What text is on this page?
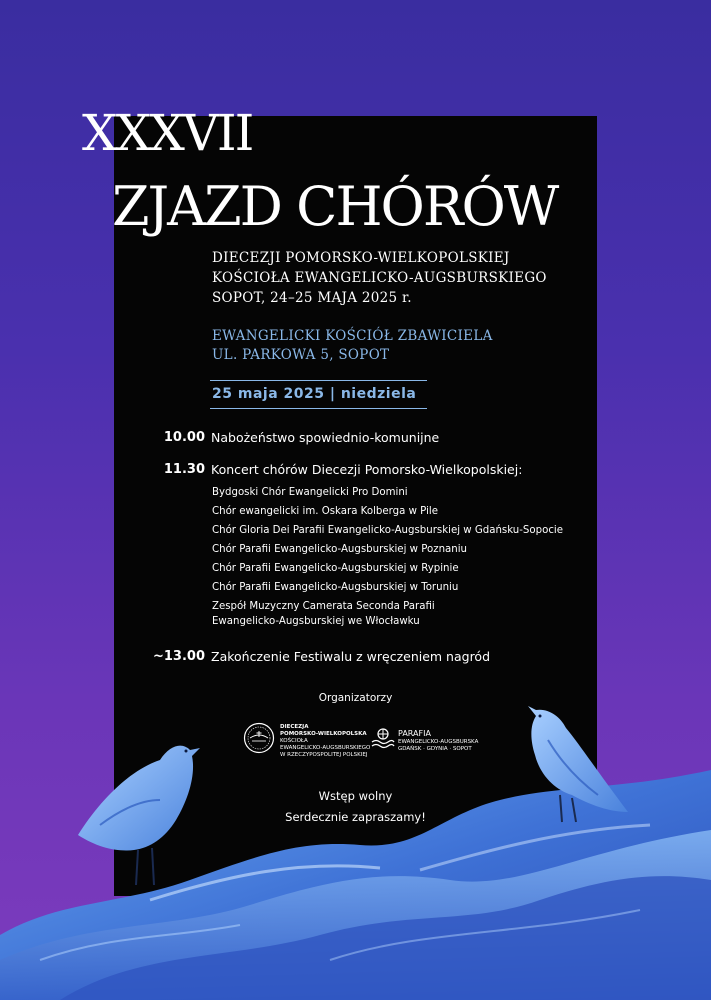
XXXVII
ZJAZD CHÓRÓW
DIECEZJI POMORSKO-WIELKOPOLSKIEJ
KOŚCIOŁA EWANGELICKO-AUGSBURSKIEGO
SOPOT, 24–25 MAJA 2025 r.
EWANGELICKI KOŚCIÓŁ ZBAWICIELA
UL. PARKOWA 5, SOPOT
25 maja 2025 | niedziela
10.00 Nabożeństwo spowiednio-komunijne
11.30 Koncert chórów Diecezji Pomorsko-Wielkopolskiej:
Bydgoski Chór Ewangelicki Pro Domini
Chór ewangelicki im. Oskara Kolberga w Pile
Chór Gloria Dei Parafii Ewangelicko-Augsburskiej w Gdańsku-Sopocie
Chór Parafii Ewangelicko-Augsburskiej w Poznaniu
Chór Parafii Ewangelicko-Augsburskiej w Rypinie
Chór Parafii Ewangelicko-Augsburskiej w Toruniu
Zespół Muzyczny Camerata Seconda Parafii
Ewangelicko-Augsburskiej we Włocławku
~13.00 Zakończenie Festiwalu z wręczeniem nagród
Organizatorzy
DIECEZJA
POMORSKO-WIELKOPOLSKA
KOŚCIOŁA
EWANGELICKO-AUGSBURSKIEGO
W RZECZYPOSPOLITEJ POLSKIEJ
PARAFIA
EWANGELICKO-AUGSBURSKA
GDAŃSK · GDYNIA · SOPOT
Wstęp wolny
Serdecznie zapraszamy!
